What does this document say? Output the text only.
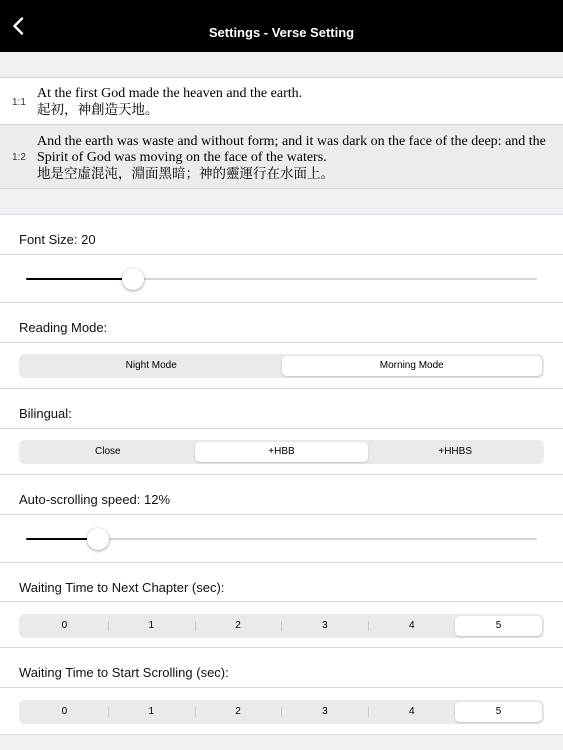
Settings - Verse Setting
1:1
At the first God made the heaven and the earth.
起初，神創造天地。
1:2
And the earth was waste and without form; and it was dark on the face of the deep: and the Spirit of God was moving on the face of the waters.
地是空虛混沌，淵面黑暗；神的靈運行在水面上。
Font Size: 20
Reading Mode:
Night Mode	Morning Mode
Bilingual:
Close	+HBB	+HHBS
Auto-scrolling speed: 12%
Waiting Time to Next Chapter (sec):
0	1	2	3	4	5
Waiting Time to Start Scrolling (sec):
0	1	2	3	4	5
